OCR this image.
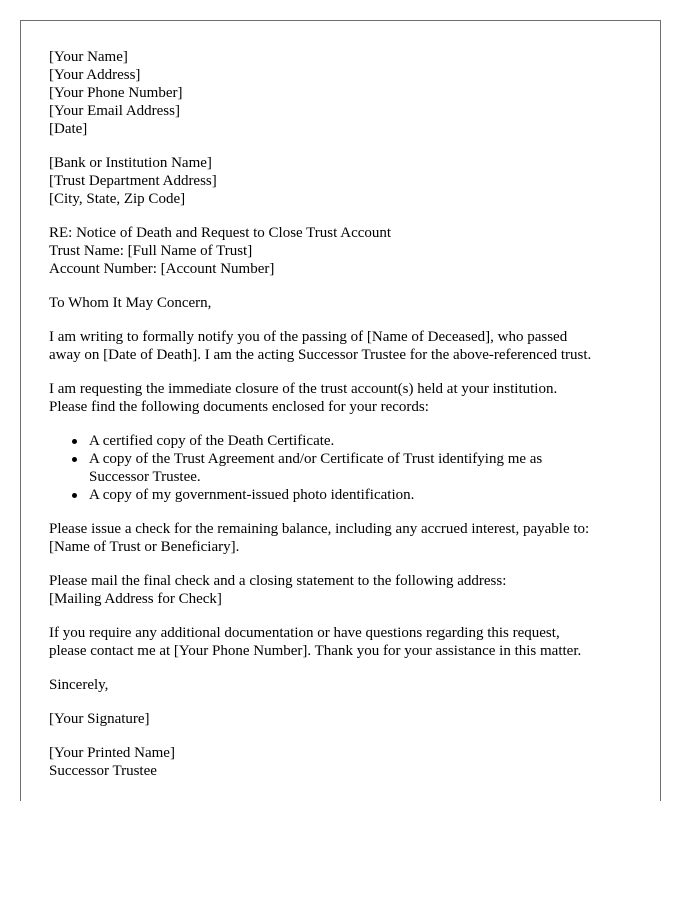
[Your Name]
[Your Address]
[Your Phone Number]
[Your Email Address]
[Date]
[Bank or Institution Name]
[Trust Department Address]
[City, State, Zip Code]
RE: Notice of Death and Request to Close Trust Account
Trust Name: [Full Name of Trust]
Account Number: [Account Number]
To Whom It May Concern,
I am writing to formally notify you of the passing of [Name of Deceased], who passed
away on [Date of Death]. I am the acting Successor Trustee for the above-referenced trust.
I am requesting the immediate closure of the trust account(s) held at your institution.
Please find the following documents enclosed for your records:
A certified copy of the Death Certificate.
A copy of the Trust Agreement and/or Certificate of Trust identifying me as
Successor Trustee.
A copy of my government-issued photo identification.
Please issue a check for the remaining balance, including any accrued interest, payable to:
[Name of Trust or Beneficiary].
Please mail the final check and a closing statement to the following address:
[Mailing Address for Check]
If you require any additional documentation or have questions regarding this request,
please contact me at [Your Phone Number]. Thank you for your assistance in this matter.
Sincerely,
[Your Signature]
[Your Printed Name]
Successor Trustee
